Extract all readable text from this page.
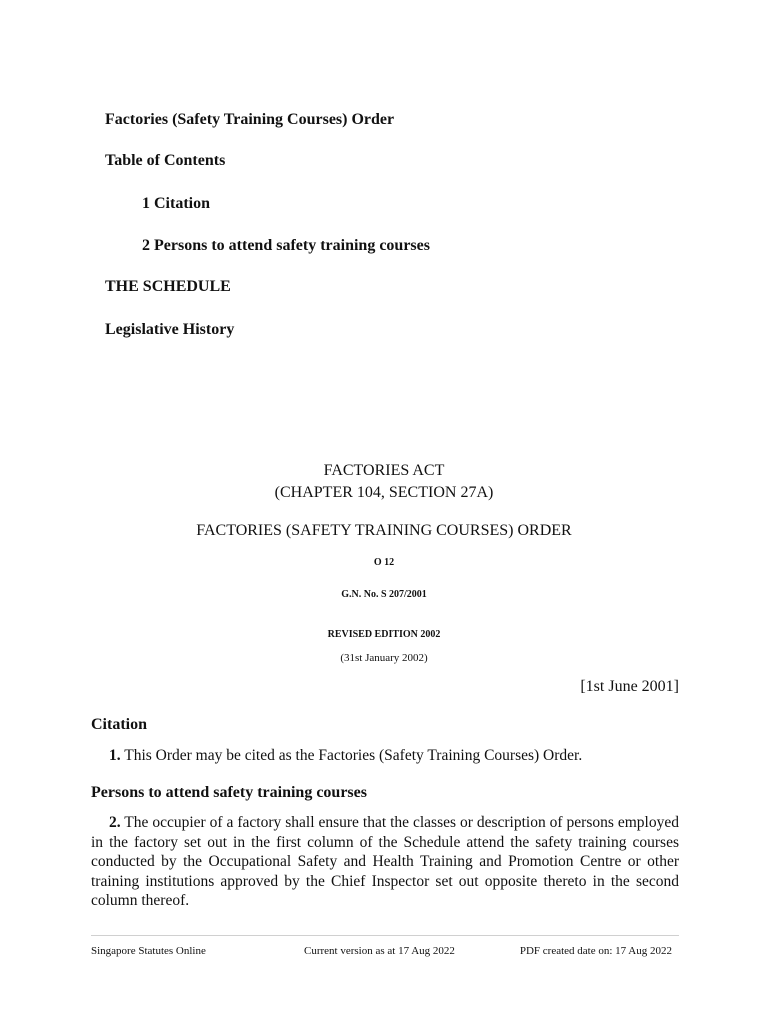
Factories (Safety Training Courses) Order
Table of Contents
1 Citation
2 Persons to attend safety training courses
THE SCHEDULE
Legislative History
FACTORIES ACT
(CHAPTER 104, SECTION 27A)
FACTORIES (SAFETY TRAINING COURSES) ORDER
O 12
G.N. No. S 207/2001
REVISED EDITION 2002
(31st January 2002)
[1st June 2001]
Citation
1. This Order may be cited as the Factories (Safety Training Courses) Order.
Persons to attend safety training courses
2. The occupier of a factory shall ensure that the classes or description of persons employed in the factory set out in the first column of the Schedule attend the safety training courses conducted by the Occupational Safety and Health Training and Promotion Centre or other training institutions approved by the Chief Inspector set out opposite thereto in the second column thereof.
Singapore Statutes Online	Current version as at 17 Aug 2022	PDF created date on: 17 Aug 2022
